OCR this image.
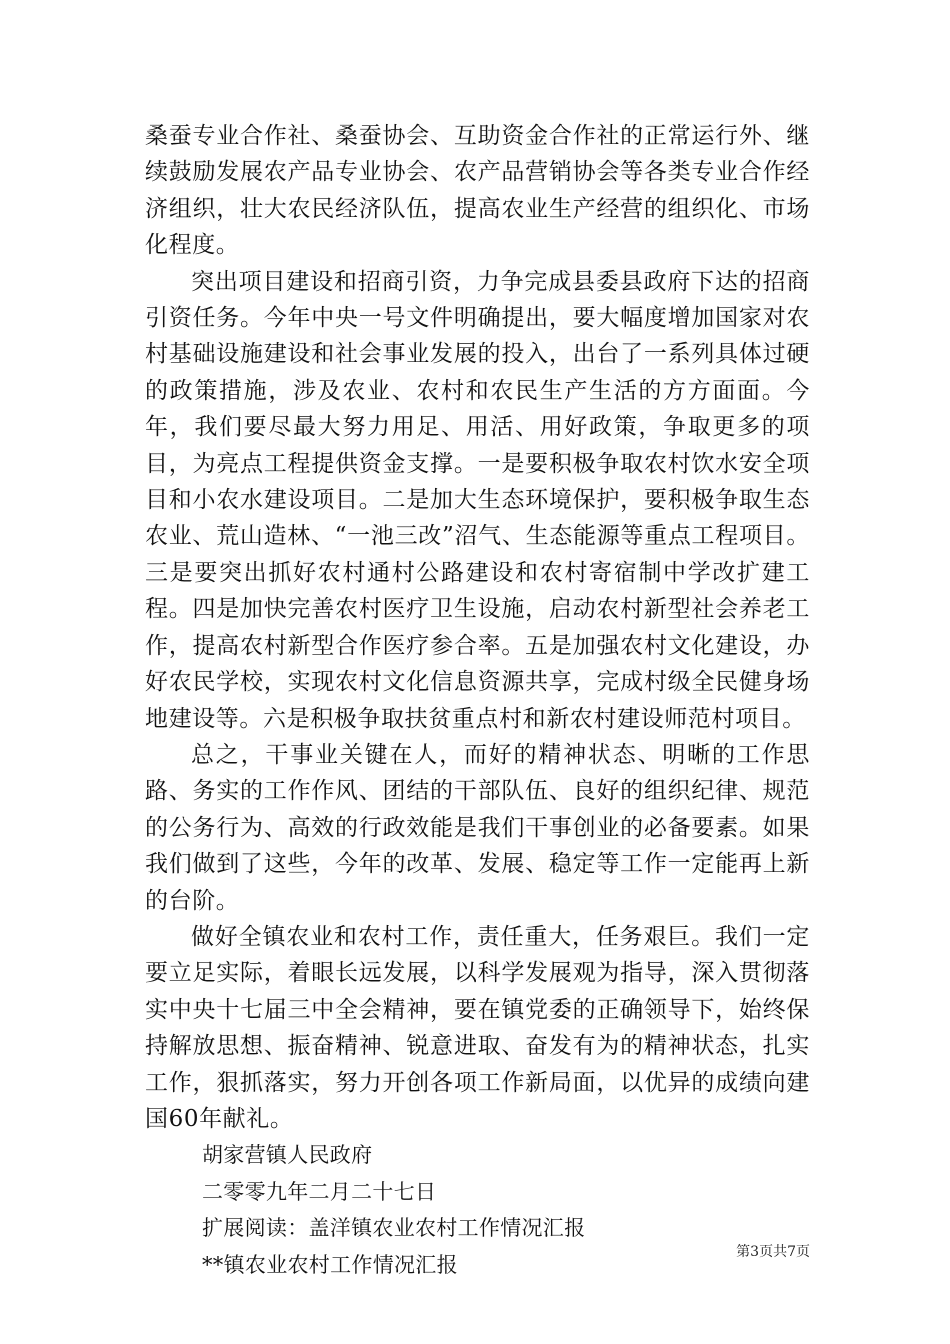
桑蚕专业合作社、桑蚕协会、互助资金合作社的正常运行外、继续鼓励发展农产品专业协会、农产品营销协会等各类专业合作经济组织，壮大农民经济队伍，提高农业生产经营的组织化、市场化程度。

突出项目建设和招商引资，力争完成县委县政府下达的招商引资任务。今年中央一号文件明确提出，要大幅度增加国家对农村基础设施建设和社会事业发展的投入，出台了一系列具体过硬的政策措施，涉及农业、农村和农民生产生活的方方面面。今年，我们要尽最大努力用足、用活、用好政策，争取更多的项目，为亮点工程提供资金支撑。一是要积极争取农村饮水安全项目和小农水建设项目。二是加大生态环境保护，要积极争取生态农业、荒山造林、“一池三改”沼气、生态能源等重点工程项目。三是要突出抓好农村通村公路建设和农村寄宿制中学改扩建工程。四是加快完善农村医疗卫生设施，启动农村新型社会养老工作，提高农村新型合作医疗参合率。五是加强农村文化建设，办好农民学校，实现农村文化信息资源共享，完成村级全民健身场地建设等。六是积极争取扶贫重点村和新农村建设师范村项目。

总之，干事业关键在人，而好的精神状态、明晰的工作思路、务实的工作作风、团结的干部队伍、良好的组织纪律、规范的公务行为、高效的行政效能是我们干事创业的必备要素。如果我们做到了这些，今年的改革、发展、稳定等工作一定能再上新的台阶。

做好全镇农业和农村工作，责任重大，任务艰巨。我们一定要立足实际，着眼长远发展，以科学发展观为指导，深入贯彻落实中央十七届三中全会精神，要在镇党委的正确领导下，始终保持解放思想、振奋精神、锐意进取、奋发有为的精神状态，扎实工作，狠抓落实，努力开创各项工作新局面，以优异的成绩向建国60年献礼。

胡家营镇人民政府

二零零九年二月二十七日

扩展阅读：盖洋镇农业农村工作情况汇报

**镇农业农村工作情况汇报

第3页共7页
